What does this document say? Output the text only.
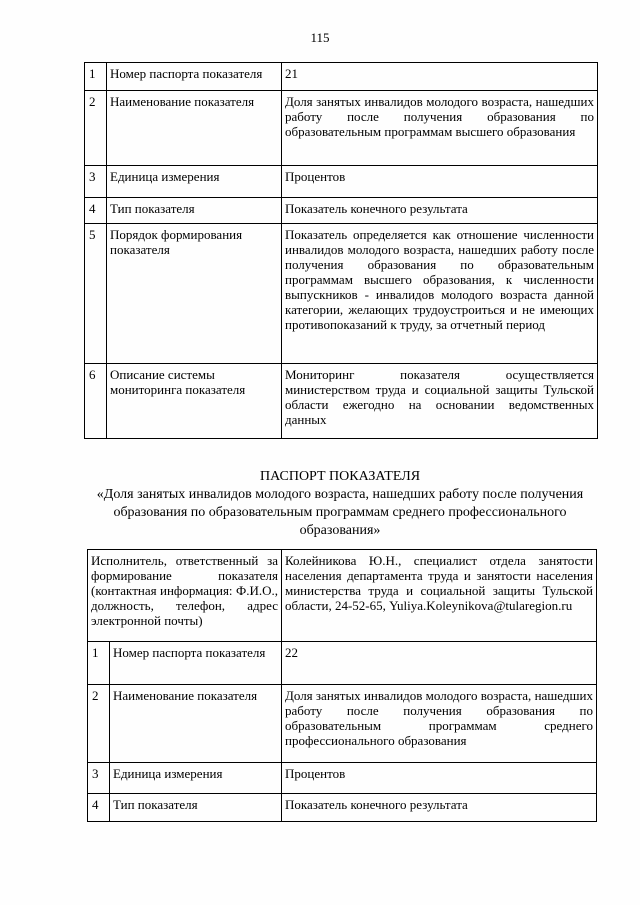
115
1	Номер паспорта показателя	21
2	Наименование показателя	Доля занятых инвалидов молодого возраста, нашедших работу после получения образования по образовательным программам высшего образования
3	Единица измерения	Процентов
4	Тип показателя	Показатель конечного результата
5	Порядок формирования показателя	Показатель определяется как отношение численности инвалидов молодого возраста, нашедших работу после получения образования по образовательным программам высшего образования, к численности выпускников - инвалидов молодого возраста данной категории, желающих трудоустроиться и не имеющих противопоказаний к труду, за отчетный период
6	Описание системы мониторинга показателя	Мониторинг показателя осуществляется министерством труда и социальной защиты Тульской области ежегодно на основании ведомственных данных
ПАСПОРТ ПОКАЗАТЕЛЯ
«Доля занятых инвалидов молодого возраста, нашедших работу после получения образования по образовательным программам среднего профессионального образования»
Исполнитель, ответственный за формирование показателя (контактная информация: Ф.И.О., должность, телефон, адрес электронной почты)		Колейникова Ю.Н., специалист отдела занятости населения департамента труда и занятости населения министерства труда и социальной защиты Тульской области, 24-52-65, Yuliya.Koleynikova@tularegion.ru
1	Номер паспорта показателя	22
2	Наименование показателя	Доля занятых инвалидов молодого возраста, нашедших работу после получения образования по образовательным программам среднего профессионального образования
3	Единица измерения	Процентов
4	Тип показателя	Показатель конечного результата
